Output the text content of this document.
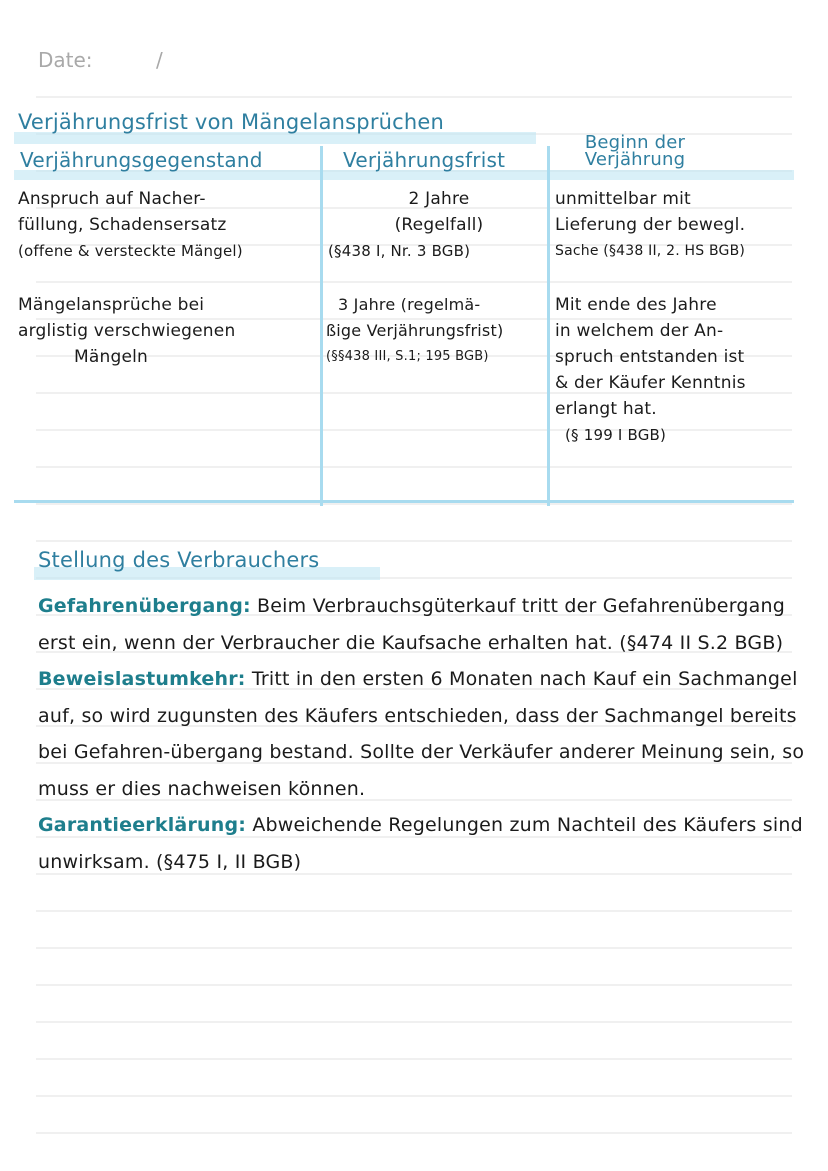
Date:	/
Verjährungsfrist von Mängelansprüchen
Verjährungsgegenstand	Verjährungsfrist
Beginn der Verjährung
Anspruch auf Nacher-
füllung, Schadensersatz
(offene & versteckte Mängel)
2 Jahre
(Regelfall)
(§438 I, Nr. 3 BGB)
unmittelbar mit
Lieferung der bewegl.
Sache (§438 II, 2. HS BGB)
Mängelansprüche bei
arglistig verschwiegenen
Mängeln
3 Jahre (regelmä-
ßige Verjährungsfrist)
(§§438 III, S.1; 195 BGB)
Mit ende des Jahre
in welchem der An-
spruch entstanden ist
& der Käufer Kenntnis
erlangt hat.
(§ 199 I BGB)
Stellung des Verbrauchers

Gefahrenübergang: Beim Verbrauchsgüterkauf tritt der Gefahrenübergang erst ein, wenn der Verbraucher die Kaufsache erhalten hat. (§474 II S.2 BGB)

Beweislastumkehr: Tritt in den ersten 6 Monaten nach Kauf ein Sachmangel auf, so wird zugunsten des Käufers entschieden, dass der Sachmangel bereits bei Gefahren-übergang bestand. Sollte der Verkäufer anderer Meinung sein, so muss er dies nachweisen können.

Garantieerklärung: Abweichende Regelungen zum Nachteil des Käufers sind unwirksam. (§475 I, II BGB)
